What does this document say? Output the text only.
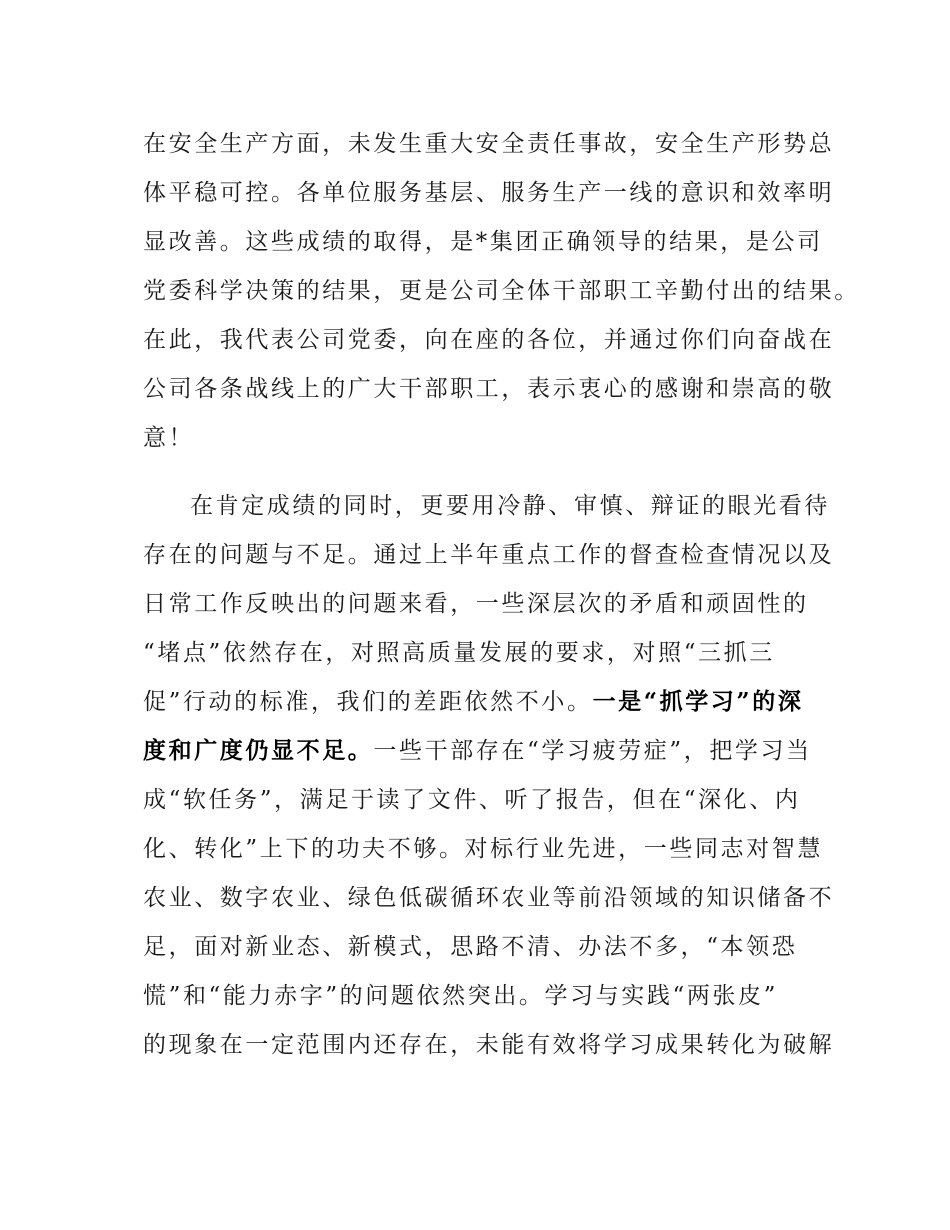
在安全生产方面，未发生重大安全责任事故，安全生产形势总
体平稳可控。各单位服务基层、服务生产一线的意识和效率明
显改善。这些成绩的取得，是*集团正确领导的结果，是公司
党委科学决策的结果，更是公司全体干部职工辛勤付出的结果。
在此，我代表公司党委，向在座的各位，并通过你们向奋战在
公司各条战线上的广大干部职工，表示衷心的感谢和崇高的敬
意！
在肯定成绩的同时，更要用冷静、审慎、辩证的眼光看待
存在的问题与不足。通过上半年重点工作的督查检查情况以及
日常工作反映出的问题来看，一些深层次的矛盾和顽固性的
“堵点”依然存在，对照高质量发展的要求，对照“三抓三
促”行动的标准，我们的差距依然不小。一是“抓学习”的深
度和广度仍显不足。一些干部存在“学习疲劳症”，把学习当
成“软任务”，满足于读了文件、听了报告，但在“深化、内
化、转化”上下的功夫不够。对标行业先进，一些同志对智慧
农业、数字农业、绿色低碳循环农业等前沿领域的知识储备不
足，面对新业态、新模式，思路不清、办法不多，“本领恐
慌”和“能力赤字”的问题依然突出。学习与实践“两张皮”
的现象在一定范围内还存在，未能有效将学习成果转化为破解
